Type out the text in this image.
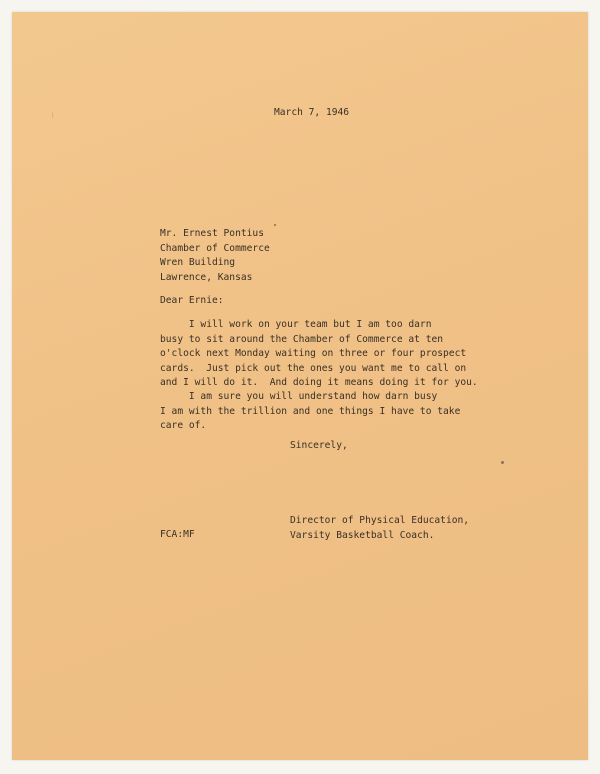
March 7, 1946

Mr. Ernest Pontius
Chamber of Commerce
Wren Building
Lawrence, Kansas

Dear Ernie:

I will work on your team but I am too darn
busy to sit around the Chamber of Commerce at ten
o'clock next Monday waiting on three or four prospect
cards.  Just pick out the ones you want me to call on
and I will do it.  And doing it means doing it for you.
I am sure you will understand how darn busy
I am with the trillion and one things I have to take
care of.

Sincerely,

Director of Physical Education,
Varsity Basketball Coach.

FCA:MF
